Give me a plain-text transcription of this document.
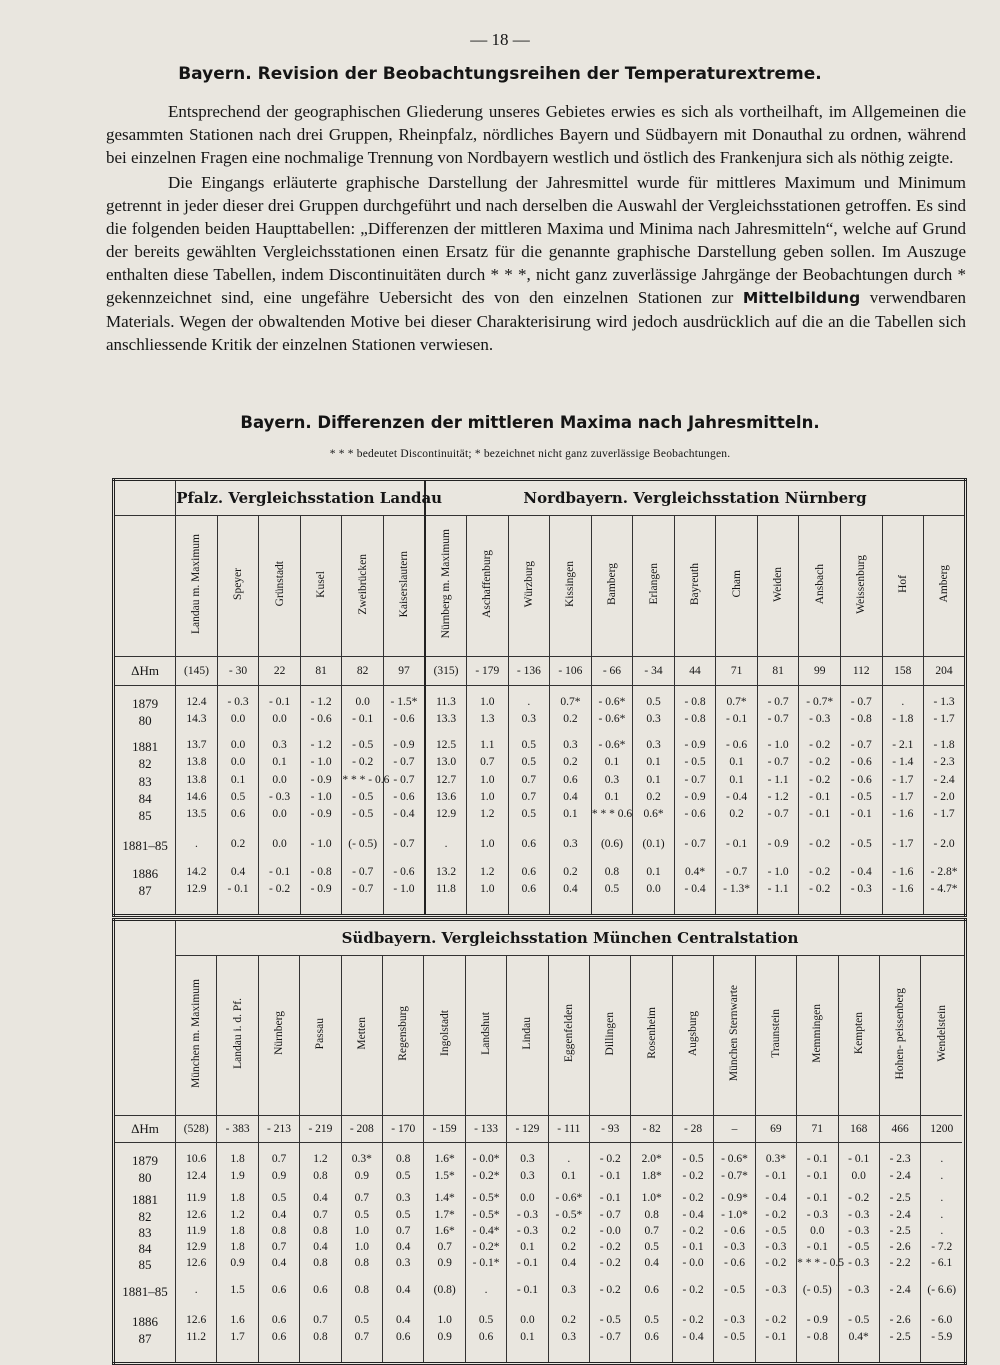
— 18 —
Bayern. Revision der Beobachtungsreihen der Temperaturextreme.

Entsprechend der geographischen Gliederung unseres Gebietes erwies es sich als vortheilhaft, im Allgemeinen die gesammten Stationen nach drei Gruppen, Rheinpfalz, nördliches Bayern und Südbayern mit Donauthal zu ordnen, während bei einzelnen Fragen eine nochmalige Trennung von Nordbayern westlich und östlich des Frankenjura sich als nöthig zeigte.

Die Eingangs erläuterte graphische Darstellung der Jahresmittel wurde für mittleres Maximum und Minimum getrennt in jeder dieser drei Gruppen durchgeführt und nach derselben die Auswahl der Vergleichsstationen getroffen. Es sind die folgenden beiden Haupttabellen: „Differenzen der mittleren Maxima und Minima nach Jahresmitteln“, welche auf Grund der bereits gewählten Vergleichsstationen einen Ersatz für die genannte graphische Darstellung geben sollen. Im Auszuge enthalten diese Tabellen, indem Discontinuitäten durch * * *, nicht ganz zuverlässige Jahrgänge der Beobachtungen durch * gekennzeichnet sind, eine ungefähre Uebersicht des von den einzelnen Stationen zur Mittelbildung verwendbaren Materials. Wegen der obwaltenden Motive bei dieser Charakterisirung wird jedoch ausdrücklich auf die an die Tabellen sich anschliessende Kritik der einzelnen Stationen verwiesen.

Bayern. Differenzen der mittleren Maxima nach Jahresmitteln.
* * * bedeutet Discontinuität; * bezeichnet nicht ganz zuverlässige Beobachtungen.
	Pfalz. Vergleichsstation Landau						Nordbayern. Vergleichsstation Nürnberg												
	Landau m. Maximum	Speyer	Grünstadt	Kusel	Zweibrücken	Kaiserslautern	Nürnberg m. Maximum	Aschaffenburg	Würzburg	Kissingen	Bamberg	Erlangen	Bayreuth	Cham	Weiden	Ansbach	Weissenburg	Hof	Amberg
ΔHm	(145)	- 30	22	81	82	97	(315)	- 179	- 136	- 106	- 66	- 34	44	71	81	99	112	158	204

1879	12.4	- 0.3	- 0.1	- 1.2	0.0	- 1.5*	11.3	1.0	.	0.7*	- 0.6*	0.5	- 0.8	0.7*	- 0.7	- 0.7*	- 0.7	.	- 1.3
80	14.3	0.0	0.0	- 0.6	- 0.1	- 0.6	13.3	1.3	0.3	0.2	- 0.6*	0.3	- 0.8	- 0.1	- 0.7	- 0.3	- 0.8	- 1.8	- 1.7
1881	13.7	0.0	0.3	- 1.2	- 0.5	- 0.9	12.5	1.1	0.5	0.3	- 0.6*	0.3	- 0.9	- 0.6	- 1.0	- 0.2	- 0.7	- 2.1	- 1.8
82	13.8	0.0	0.1	- 1.0	- 0.2	- 0.7	13.0	0.7	0.5	0.2	0.1	0.1	- 0.5	0.1	- 0.7	- 0.2	- 0.6	- 1.4	- 2.3
83	13.8	0.1	0.0	- 0.9	* * * - 0.6	- 0.7	12.7	1.0	0.7	0.6	0.3	0.1	- 0.7	0.1	- 1.1	- 0.2	- 0.6	- 1.7	- 2.4
84	14.6	0.5	- 0.3	- 1.0	- 0.5	- 0.6	13.6	1.0	0.7	0.4	0.1	0.2	- 0.9	- 0.4	- 1.2	- 0.1	- 0.5	- 1.7	- 2.0
85	13.5	0.6	0.0	- 0.9	- 0.5	- 0.4	12.9	1.2	0.5	0.1	* * * 0.6	0.6*	- 0.6	0.2	- 0.7	- 0.1	- 0.1	- 1.6	- 1.7
1881–85	.	0.2	0.0	- 1.0	(- 0.5)	- 0.7	.	1.0	0.6	0.3	(0.6)	(0.1)	- 0.7	- 0.1	- 0.9	- 0.2	- 0.5	- 1.7	- 2.0
1886	14.2	0.4	- 0.1	- 0.8	- 0.7	- 0.6	13.2	1.2	0.6	0.2	0.8	0.1	0.4*	- 0.7	- 1.0	- 0.2	- 0.4	- 1.6	- 2.8*
87	12.9	- 0.1	- 0.2	- 0.9	- 0.7	- 1.0	11.8	1.0	0.6	0.4	0.5	0.0	- 0.4	- 1.3*	- 1.1	- 0.2	- 0.3	- 1.6	- 4.7*

	Südbayern. Vergleichsstation München Centralstation																		
	München m. Maximum	Landau i. d. Pf.	Nürnberg	Passau	Metten	Regensburg	Ingolstadt	Landshut	Lindau	Eggenfelden	Dillingen	Rosenheim	Augsburg	München Sternwarte	Traunstein	Memmingen	Kempten	Hohen- peissenberg	Wendelstein
ΔHm	(528)	- 383	- 213	- 219	- 208	- 170	- 159	- 133	- 129	- 111	- 93	- 82	- 28	–	69	71	168	466	1200

1879	10.6	1.8	0.7	1.2	0.3*	0.8	1.6*	- 0.0*	0.3	.	- 0.2	2.0*	- 0.5	- 0.6*	0.3*	- 0.1	- 0.1	- 2.3	.
80	12.4	1.9	0.9	0.8	0.9	0.5	1.5*	- 0.2*	0.3	0.1	- 0.1	1.8*	- 0.2	- 0.7*	- 0.1	- 0.1	0.0	- 2.4	.
1881	11.9	1.8	0.5	0.4	0.7	0.3	1.4*	- 0.5*	0.0	- 0.6*	- 0.1	1.0*	- 0.2	- 0.9*	- 0.4	- 0.1	- 0.2	- 2.5	.
82	12.6	1.2	0.4	0.7	0.5	0.5	1.7*	- 0.5*	- 0.3	- 0.5*	- 0.7	0.8	- 0.4	- 1.0*	- 0.2	- 0.3	- 0.3	- 2.4	.
83	11.9	1.8	0.8	0.8	1.0	0.7	1.6*	- 0.4*	- 0.3	0.2	- 0.0	0.7	- 0.2	- 0.6	- 0.5	0.0	- 0.3	- 2.5	.
84	12.9	1.8	0.7	0.4	1.0	0.4	0.7	- 0.2*	0.1	0.2	- 0.2	0.5	- 0.1	- 0.3	- 0.3	- 0.1	- 0.5	- 2.6	- 7.2
85	12.6	0.9	0.4	0.8	0.8	0.3	0.9	- 0.1*	- 0.1	0.4	- 0.2	0.4	- 0.0	- 0.6	- 0.2	* * * - 0.5	- 0.3	- 2.2	- 6.1
1881–85	.	1.5	0.6	0.6	0.8	0.4	(0.8)	.	- 0.1	0.3	- 0.2	0.6	- 0.2	- 0.5	- 0.3	(- 0.5)	- 0.3	- 2.4	(- 6.6)
1886	12.6	1.6	0.6	0.7	0.5	0.4	1.0	0.5	0.0	0.2	- 0.5	0.5	- 0.2	- 0.3	- 0.2	- 0.9	- 0.5	- 2.6	- 6.0
87	11.2	1.7	0.6	0.8	0.7	0.6	0.9	0.6	0.1	0.3	- 0.7	0.6	- 0.4	- 0.5	- 0.1	- 0.8	0.4*	- 2.5	- 5.9
